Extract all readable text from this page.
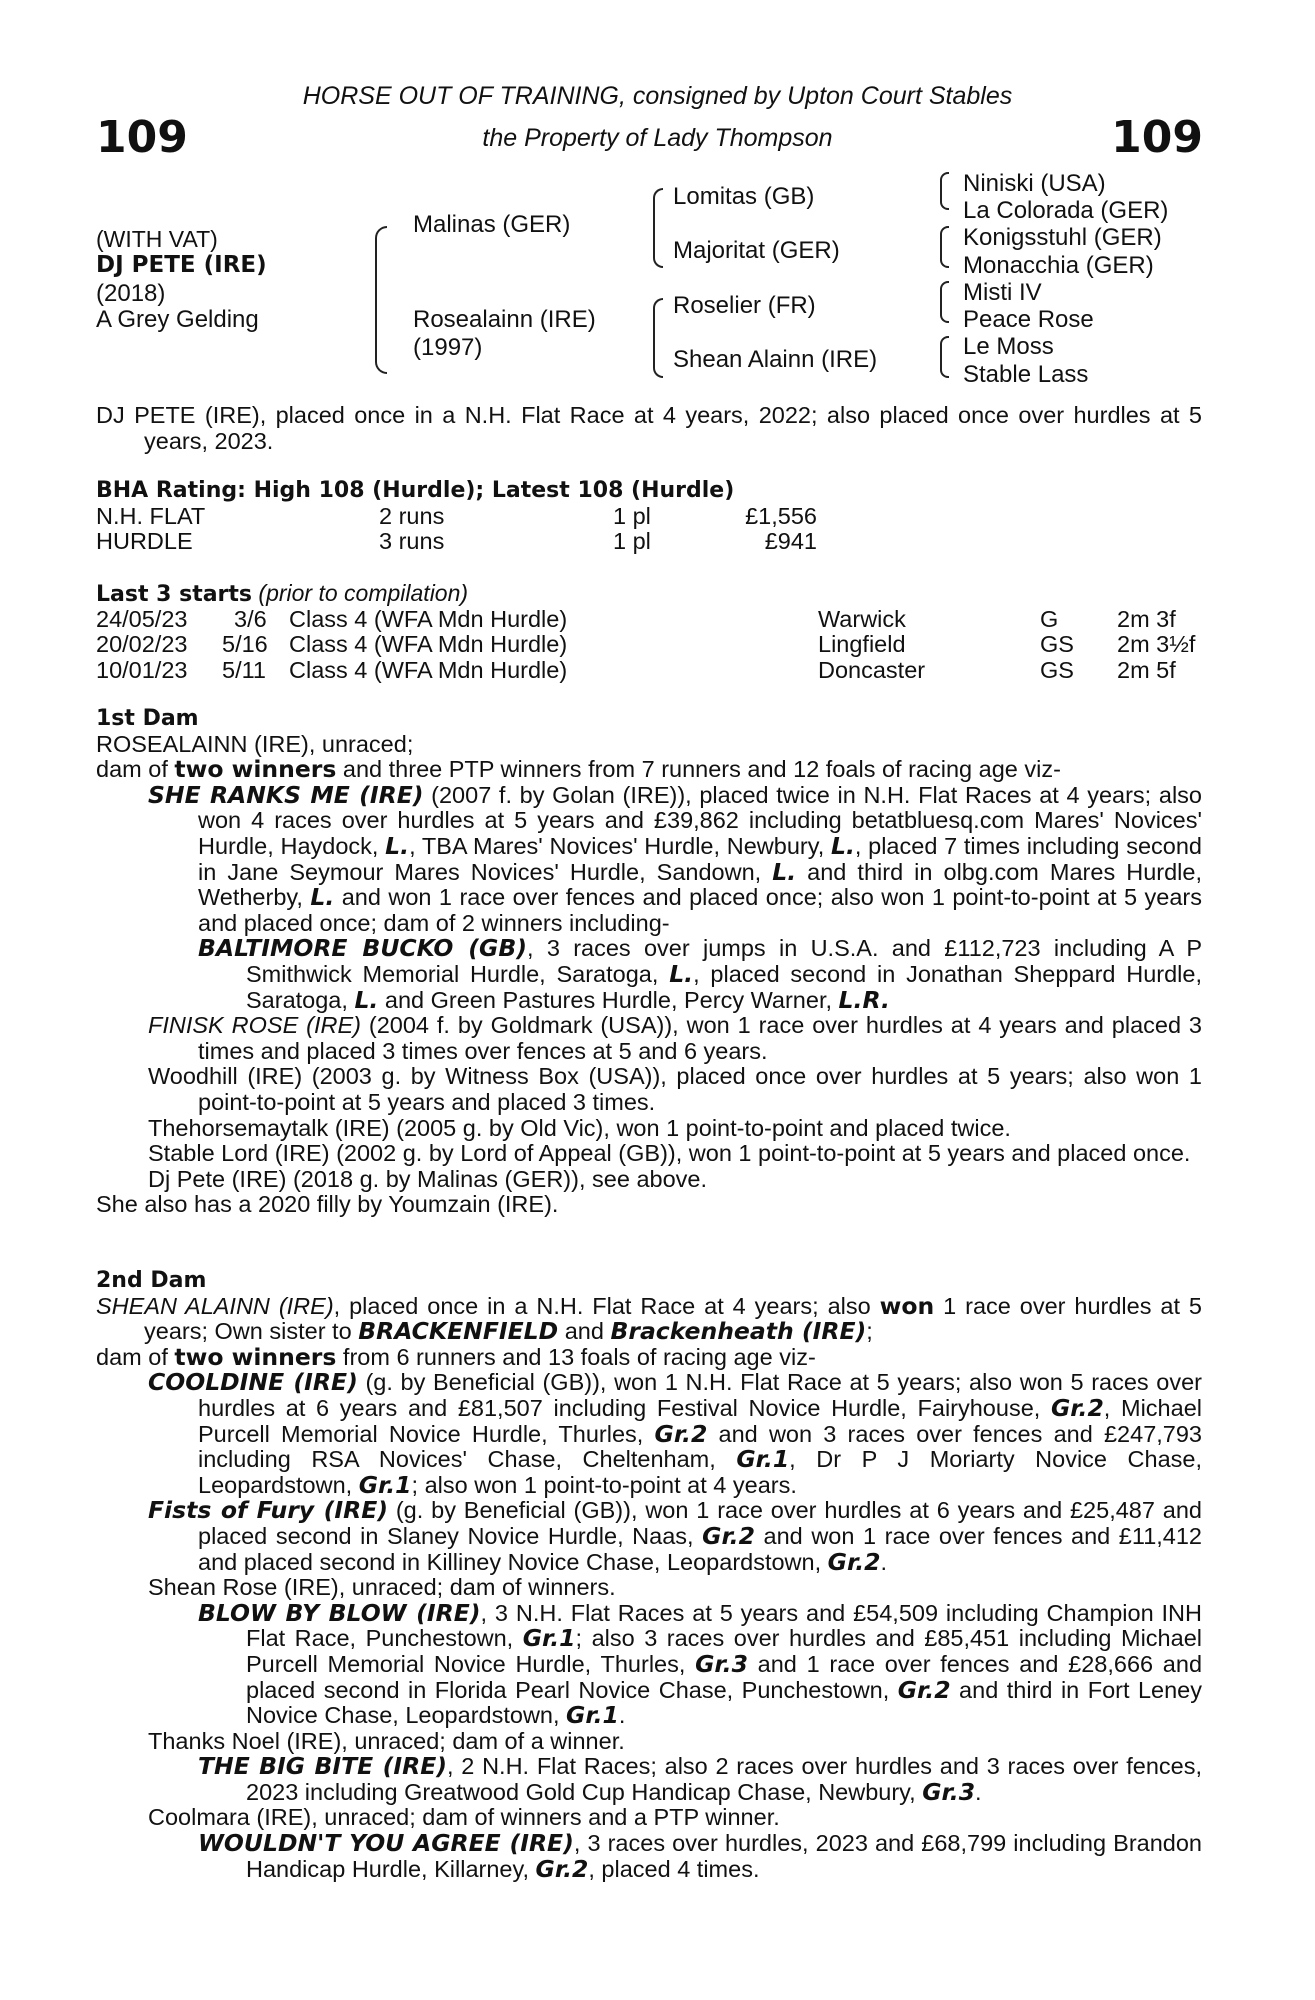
109	109
HORSE OUT OF TRAINING, consigned by Upton Court Stables
the Property of Lady Thompson
(WITH VAT)
DJ PETE (IRE)
(2018)
A Grey Gelding
Malinas (GER)
Rosealainn (IRE)
(1997)
Lomitas (GB)
Majoritat (GER)
Roselier (FR)
Shean Alainn (IRE)
Niniski (USA)
La Colorada (GER)
Konigsstuhl (GER)
Monacchia (GER)
Misti IV
Peace Rose
Le Moss
Stable Lass

DJ PETE (IRE), placed once in a N.H. Flat Race at 4 years, 2022; also placed once over hurdles at 5 years, 2023.

BHA Rating: High 108 (Hurdle); Latest 108 (Hurdle)
N.H. FLAT	2 runs	1 pl	£1,556
HURDLE	3 runs	1 pl	£941
Last 3 starts (prior to compilation)
24/05/23 3/6 Class 4 (WFA Mdn Hurdle)	Warwick	G 2m 3f
20/02/23 5/16 Class 4 (WFA Mdn Hurdle)	Lingfield	GS 2m 3½f
10/01/23 5/11 Class 4 (WFA Mdn Hurdle)	Doncaster	GS 2m 5f

1st Dam

ROSEALAINN (IRE), unraced;

dam of two winners and three PTP winners from 7 runners and 12 foals of racing age viz-

SHE RANKS ME (IRE) (2007 f. by Golan (IRE)), placed twice in N.H. Flat Races at 4 years; also won 4 races over hurdles at 5 years and £39,862 including betatbluesq.com Mares' Novices' Hurdle, Haydock, L., TBA Mares' Novices' Hurdle, Newbury, L., placed 7 times including second in Jane Seymour Mares Novices' Hurdle, Sandown, L. and third in olbg.com Mares Hurdle, Wetherby, L. and won 1 race over fences and placed once; also won 1 point-to-point at 5 years and placed once; dam of 2 winners including-

BALTIMORE BUCKO (GB), 3 races over jumps in U.S.A. and £112,723 including A P Smithwick Memorial Hurdle, Saratoga, L., placed second in Jonathan Sheppard Hurdle, Saratoga, L. and Green Pastures Hurdle, Percy Warner, L.R.

FINISK ROSE (IRE) (2004 f. by Goldmark (USA)), won 1 race over hurdles at 4 years and placed 3 times and placed 3 times over fences at 5 and 6 years.

Woodhill (IRE) (2003 g. by Witness Box (USA)), placed once over hurdles at 5 years; also won 1 point-to-point at 5 years and placed 3 times.

Thehorsemaytalk (IRE) (2005 g. by Old Vic), won 1 point-to-point and placed twice.

Stable Lord (IRE) (2002 g. by Lord of Appeal (GB)), won 1 point-to-point at 5 years and placed once.

Dj Pete (IRE) (2018 g. by Malinas (GER)), see above.

She also has a 2020 filly by Youmzain (IRE).

2nd Dam

SHEAN ALAINN (IRE), placed once in a N.H. Flat Race at 4 years; also won 1 race over hurdles at 5 years; Own sister to BRACKENFIELD and Brackenheath (IRE);

dam of two winners from 6 runners and 13 foals of racing age viz-

COOLDINE (IRE) (g. by Beneficial (GB)), won 1 N.H. Flat Race at 5 years; also won 5 races over hurdles at 6 years and £81,507 including Festival Novice Hurdle, Fairyhouse, Gr.2, Michael Purcell Memorial Novice Hurdle, Thurles, Gr.2 and won 3 races over fences and £247,793 including RSA Novices' Chase, Cheltenham, Gr.1, Dr P J Moriarty Novice Chase, Leopardstown, Gr.1; also won 1 point-to-point at 4 years.

Fists of Fury (IRE) (g. by Beneficial (GB)), won 1 race over hurdles at 6 years and £25,487 and placed second in Slaney Novice Hurdle, Naas, Gr.2 and won 1 race over fences and £11,412 and placed second in Killiney Novice Chase, Leopardstown, Gr.2.

Shean Rose (IRE), unraced; dam of winners.

BLOW BY BLOW (IRE), 3 N.H. Flat Races at 5 years and £54,509 including Champion INH Flat Race, Punchestown, Gr.1; also 3 races over hurdles and £85,451 including Michael Purcell Memorial Novice Hurdle, Thurles, Gr.3 and 1 race over fences and £28,666 and placed second in Florida Pearl Novice Chase, Punchestown, Gr.2 and third in Fort Leney Novice Chase, Leopardstown, Gr.1.

Thanks Noel (IRE), unraced; dam of a winner.

THE BIG BITE (IRE), 2 N.H. Flat Races; also 2 races over hurdles and 3 races over fences, 2023 including Greatwood Gold Cup Handicap Chase, Newbury, Gr.3.

Coolmara (IRE), unraced; dam of winners and a PTP winner.

WOULDN'T YOU AGREE (IRE), 3 races over hurdles, 2023 and £68,799 including Brandon Handicap Hurdle, Killarney, Gr.2, placed 4 times.
